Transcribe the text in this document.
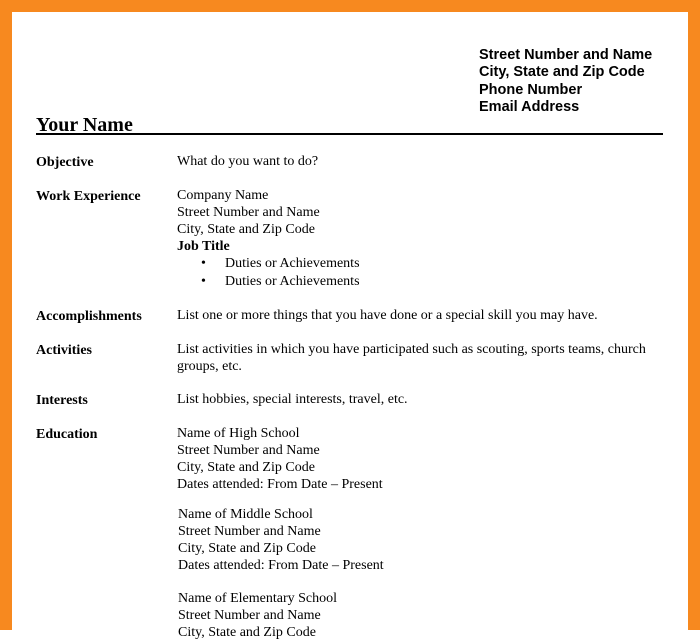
Street Number and Name
City, State and Zip Code
Phone Number
Email Address
Your Name
Objective	What do you want to do?
Work Experience	Company Name
Street Number and Name
City, State and Zip Code
Job Title
• Duties or Achievements
• Duties or Achievements
Accomplishments	List one or more things that you have done or a special skill you may have.
Activities	List activities in which you have participated such as scouting, sports teams, church groups, etc.
Interests	List hobbies, special interests, travel, etc.
Education	Name of High School
Street Number and Name
City, State and Zip Code
Dates attended: From Date – Present
Name of Middle School
Street Number and Name
City, State and Zip Code
Dates attended: From Date – Present
Name of Elementary School
Street Number and Name
City, State and Zip Code
